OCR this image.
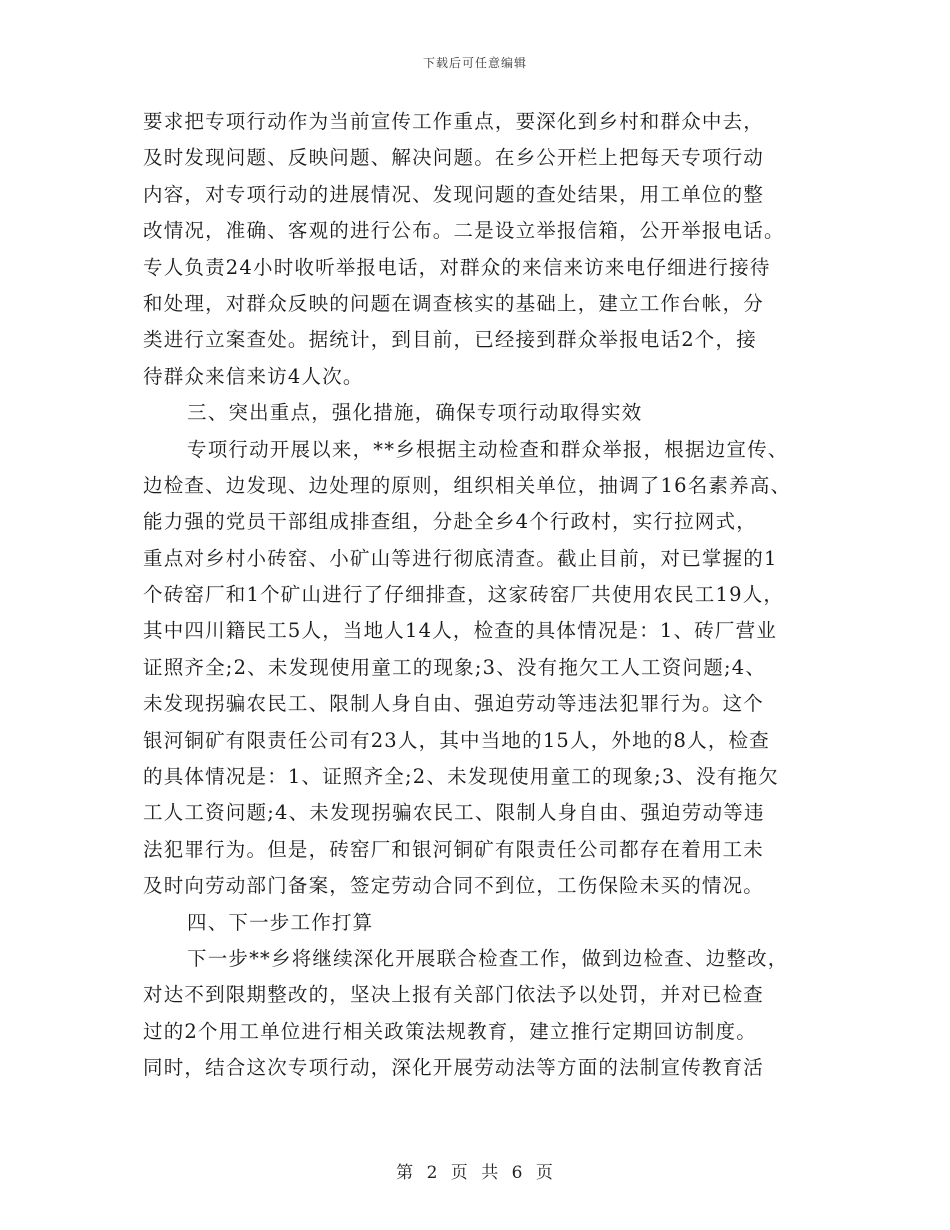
下载后可任意编辑
要求把专项行动作为当前宣传工作重点，要深化到乡村和群众中去，
及时发现问题、反映问题、解决问题。在乡公开栏上把每天专项行动
内容，对专项行动的进展情况、发现问题的查处结果，用工单位的整
改情况，准确、客观的进行公布。二是设立举报信箱，公开举报电话。
专人负责24小时收听举报电话，对群众的来信来访来电仔细进行接待
和处理，对群众反映的问题在调查核实的基础上，建立工作台帐，分
类进行立案查处。据统计，到目前，已经接到群众举报电话2个，接
待群众来信来访4人次。
三、突出重点，强化措施，确保专项行动取得实效
专项行动开展以来，**乡根据主动检查和群众举报，根据边宣传、
边检查、边发现、边处理的原则，组织相关单位，抽调了16名素养高、
能力强的党员干部组成排查组，分赴全乡4个行政村，实行拉网式，
重点对乡村小砖窑、小矿山等进行彻底清查。截止目前，对已掌握的1
个砖窑厂和1个矿山进行了仔细排查，这家砖窑厂共使用农民工19人，
其中四川籍民工5人，当地人14人，检查的具体情况是：1、砖厂营业
证照齐全;2、未发现使用童工的现象;3、没有拖欠工人工资问题;4、
未发现拐骗农民工、限制人身自由、强迫劳动等违法犯罪行为。这个
银河铜矿有限责任公司有23人，其中当地的15人，外地的8人，检查
的具体情况是：1、证照齐全;2、未发现使用童工的现象;3、没有拖欠
工人工资问题;4、未发现拐骗农民工、限制人身自由、强迫劳动等违
法犯罪行为。但是，砖窑厂和银河铜矿有限责任公司都存在着用工未
及时向劳动部门备案，签定劳动合同不到位，工伤保险未买的情况。
四、下一步工作打算
下一步**乡将继续深化开展联合检查工作，做到边检查、边整改，
对达不到限期整改的，坚决上报有关部门依法予以处罚，并对已检查
过的2个用工单位进行相关政策法规教育，建立推行定期回访制度。
同时，结合这次专项行动，深化开展劳动法等方面的法制宣传教育活
第 2 页 共 6 页
